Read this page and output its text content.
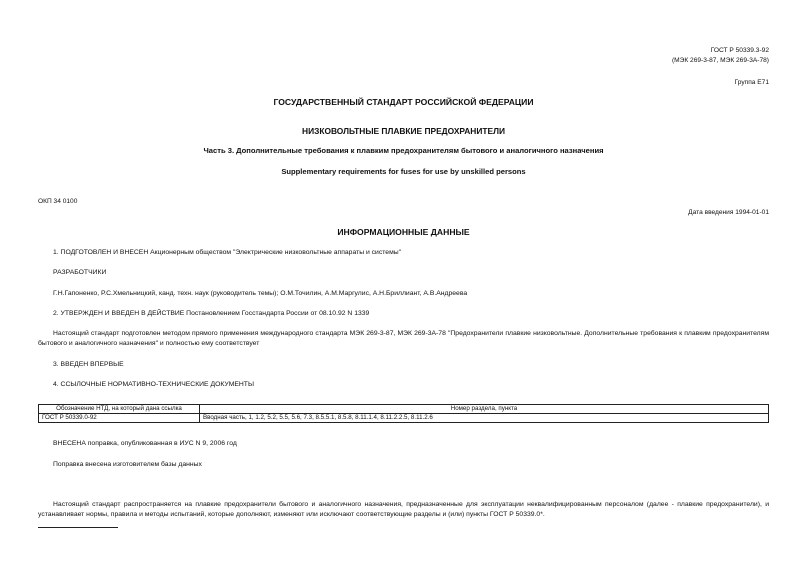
ГОСТ Р 50339.3-92
(МЭК 269-3-87, МЭК 269-3А-78)
Группа Е71
ГОСУДАРСТВЕННЫЙ СТАНДАРТ РОССИЙСКОЙ ФЕДЕРАЦИИ
НИЗКОВОЛЬТНЫЕ ПЛАВКИЕ ПРЕДОХРАНИТЕЛИ
Часть 3. Дополнительные требования к плавким предохранителям бытового и аналогичного назначения
Supplementary requirements for fuses for use by unskilled persons
ОКП 34 0100
Дата введения 1994-01-01
ИНФОРМАЦИОННЫЕ ДАННЫЕ
1. ПОДГОТОВЛЕН И ВНЕСЕН Акционерным обществом "Электрические низковольтные аппараты и системы"
РАЗРАБОТЧИКИ
Г.Н.Гапоненко, Р.С.Хмельницкий, канд. техн. наук (руководитель темы); О.М.Точилин, А.М.Маргулис, А.Н.Бриллиант, А.В.Андреева
2. УТВЕРЖДЕН И ВВЕДЕН В ДЕЙСТВИЕ Постановлением Госстандарта России от 08.10.92 N 1339
Настоящий стандарт подготовлен методом прямого применения международного стандарта МЭК 269-3-87, МЭК 269-3А-78 "Предохранители плавкие низковольтные. Дополнительные требования к плавким предохранителям бытового и аналогичного назначения" и полностью ему соответствует
3. ВВЕДЕН ВПЕРВЫЕ
4. ССЫЛОЧНЫЕ НОРМАТИВНО-ТЕХНИЧЕСКИЕ ДОКУМЕНТЫ
Обозначение НТД, на который дана ссылка	Номер раздела, пункта
ГОСТ Р 50339.0-92	Вводная часть, 1, 1.2, 5.2, 5.5, 5.6, 7.3, 8.5.5.1, 8.5.8, 8.11.1.4, 8.11.2.2.5, 8.11.2.6
ВНЕСЕНА поправка, опубликованная в ИУС N 9, 2006 год
Поправка внесена изготовителем базы данных
Настоящий стандарт распространяется на плавкие предохранители бытового и аналогичного назначения, предназначенные для эксплуатации неквалифицированным персоналом (далее - плавкие предохранители), и устанавливает нормы, правила и методы испытаний, которые дополняют, изменяют или исключают соответствующие разделы и (или) пункты ГОСТ Р 50339.0*.
